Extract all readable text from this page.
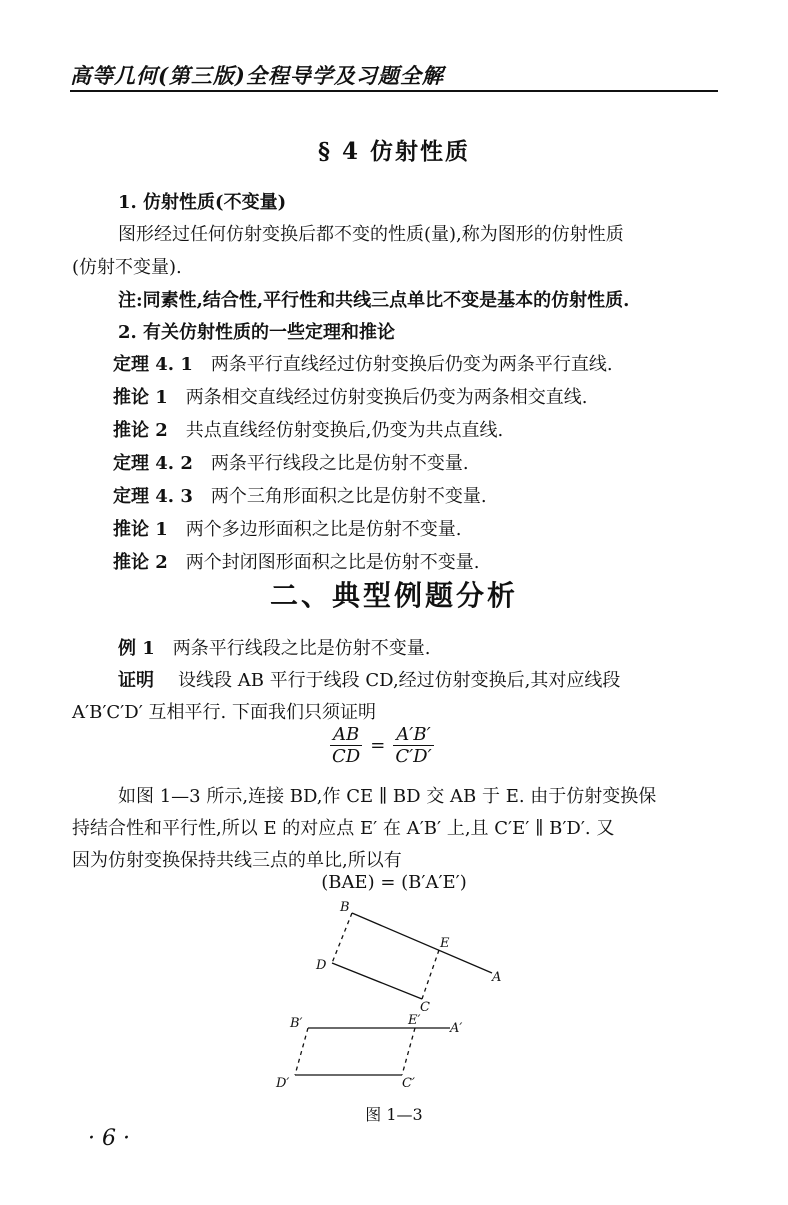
高等几何(第三版)全程导学及习题全解
§ 4 仿射性质
1. 仿射性质(不变量)
图形经过任何仿射变换后都不变的性质(量),称为图形的仿射性质
(仿射不变量).
注:同素性,结合性,平行性和共线三点单比不变是基本的仿射性质.
2. 有关仿射性质的一些定理和推论
定理 4. 1 两条平行直线经过仿射变换后仍变为两条平行直线.
推论 1 两条相交直线经过仿射变换后仍变为两条相交直线.
推论 2 共点直线经仿射变换后,仍变为共点直线.
定理 4. 2 两条平行线段之比是仿射不变量.
定理 4. 3 两个三角形面积之比是仿射不变量.
推论 1 两个多边形面积之比是仿射不变量.
推论 2 两个封闭图形面积之比是仿射不变量.
二、典型例题分析
例 1 两条平行线段之比是仿射不变量.
证明 设线段 AB 平行于线段 CD,经过仿射变换后,其对应线段
A′B′C′D′ 互相平行. 下面我们只须证明
$\frac{AB}{CD} = \frac{A'B'}{C'D'}$
如图 1—3 所示,连接 BD,作 CE ∥ BD 交 AB 于 E. 由于仿射变换保
持结合性和平行性,所以 E 的对应点 E′ 在 A′B′ 上,且 C′E′ ∥ B′D′. 又
因为仿射变换保持共线三点的单比,所以有
(BAE) = (B′A′E′)
B
E
A
D
C
B′	E′
A′
D′	C′
图 1—3
· 6 ·
